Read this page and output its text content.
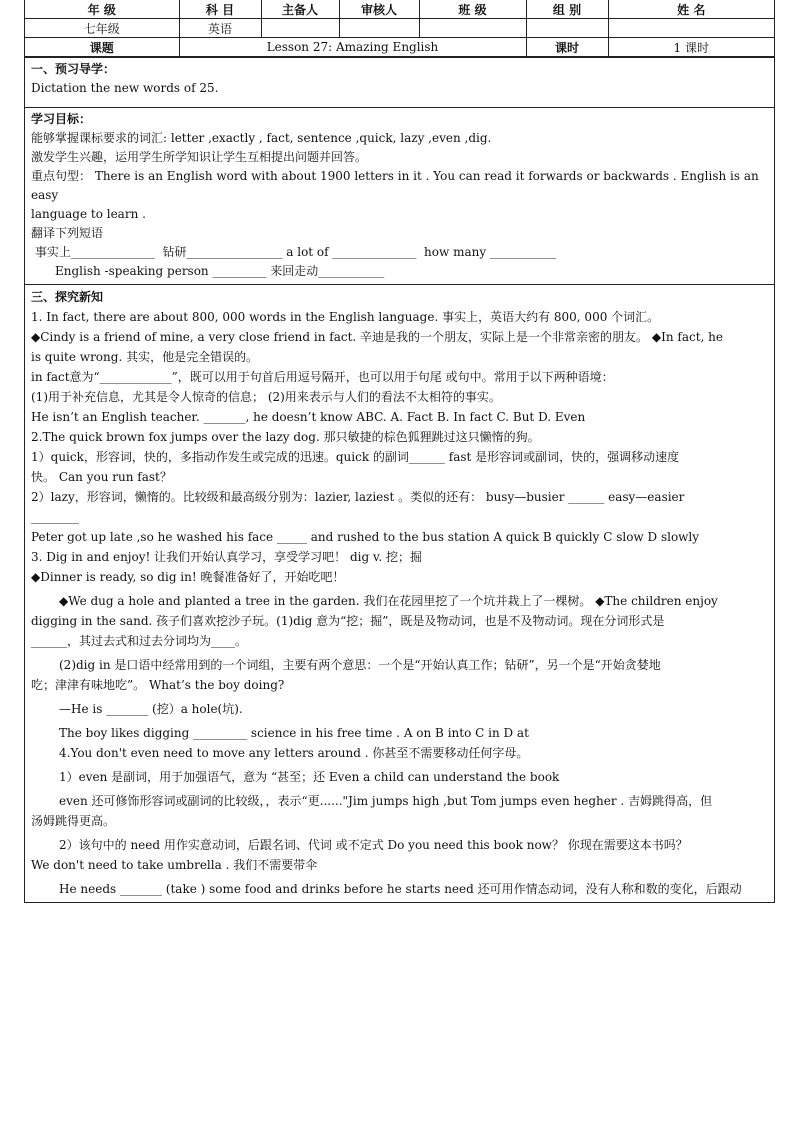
年 级	科 目	主备人	审核人	班 级	组 别	姓 名
七年级	英语					
课题	Lesson 27: Amazing English				课时	1 课时

一、预习导学：

Dictation the new words of 25.

学习目标：

能够掌握课标要求的词汇: letter ,exactly , fact, sentence ,quick, lazy ,even ,dig.

激发学生兴趣，运用学生所学知识让学生互相提出问题并回答。

重点句型： There is an English word with about 1900 letters in it . You can read it forwards or backwards . English is an easy

language to learn .

翻译下列短语

事实上______________  钻研________________ a lot of ______________  how many ___________

English -speaking person _________ 来回走动___________

三、探究新知

1. In fact, there are about 800, 000 words in the English language. 事实上，英语大约有 800, 000 个词汇。

◆Cindy is a friend of mine, a very close friend in fact. 辛迪是我的一个朋友，实际上是一个非常亲密的朋友。 ◆In fact, he

is quite wrong. 其实，他是完全错误的。

in fact意为“____________”，既可以用于句首后用逗号隔开，也可以用于句尾 或句中。常用于以下两种语境：

(1)用于补充信息，尤其是令人惊奇的信息； (2)用来表示与人们的看法不太相符的事实。

He isn’t an English teacher. _______, he doesn’t know ABC. A. Fact B. In fact C. But D. Even

2.The quick brown fox jumps over the lazy dog. 那只敏捷的棕色狐狸跳过这只懒惰的狗。

1）quick，形容词，快的，多指动作发生或完成的迅速。quick 的副词______ fast 是形容词或副词，快的，强调移动速度

快。 Can you run fast？

2）lazy，形容词，懒惰的。比较级和最高级分别为：lazier, laziest 。类似的还有： busy—busier ______ easy—easier

________

Peter got up late ,so he washed his face _____ and rushed to the bus station A quick B quickly C slow D slowly

3. Dig in and enjoy! 让我们开始认真学习，享受学习吧！ dig v. 挖；掘

◆Dinner is ready, so dig in! 晚餐准备好了，开始吃吧！

◆We dug a hole and planted a tree in the garden. 我们在花园里挖了一个坑并栽上了一棵树。 ◆The children enjoy

digging in the sand. 孩子们喜欢挖沙子玩。(1)dig 意为“挖；掘”，既是及物动词，也是不及物动词。现在分词形式是

______，其过去式和过去分词均为____。

(2)dig in 是口语中经常用到的一个词组，主要有两个意思：一个是“开始认真工作；钻研”，另一个是“开始贪婪地

吃；津津有味地吃”。 What’s the boy doing?

—He is _______ (挖）a hole(坑).

The boy likes digging _________ science in his free time . A on B into C in D at

4.You don't even need to move any letters around . 你甚至不需要移动任何字母。

1）even 是副词，用于加强语气，意为 “甚至；还 Even a child can understand the book

even 还可修饰形容词或副词的比较级，，表示“更......"Jim jumps high ,but Tom jumps even hegher . 吉姆跳得高，但

汤姆跳得更高。

2）该句中的 need 用作实意动词，后跟名词、代词 或不定式 Do you need this book now？ 你现在需要这本书吗？

We don't need to take umbrella . 我们不需要带伞

He needs _______ (take ) some food and drinks before he starts need 还可用作情态动词，没有人称和数的变化，后跟动
